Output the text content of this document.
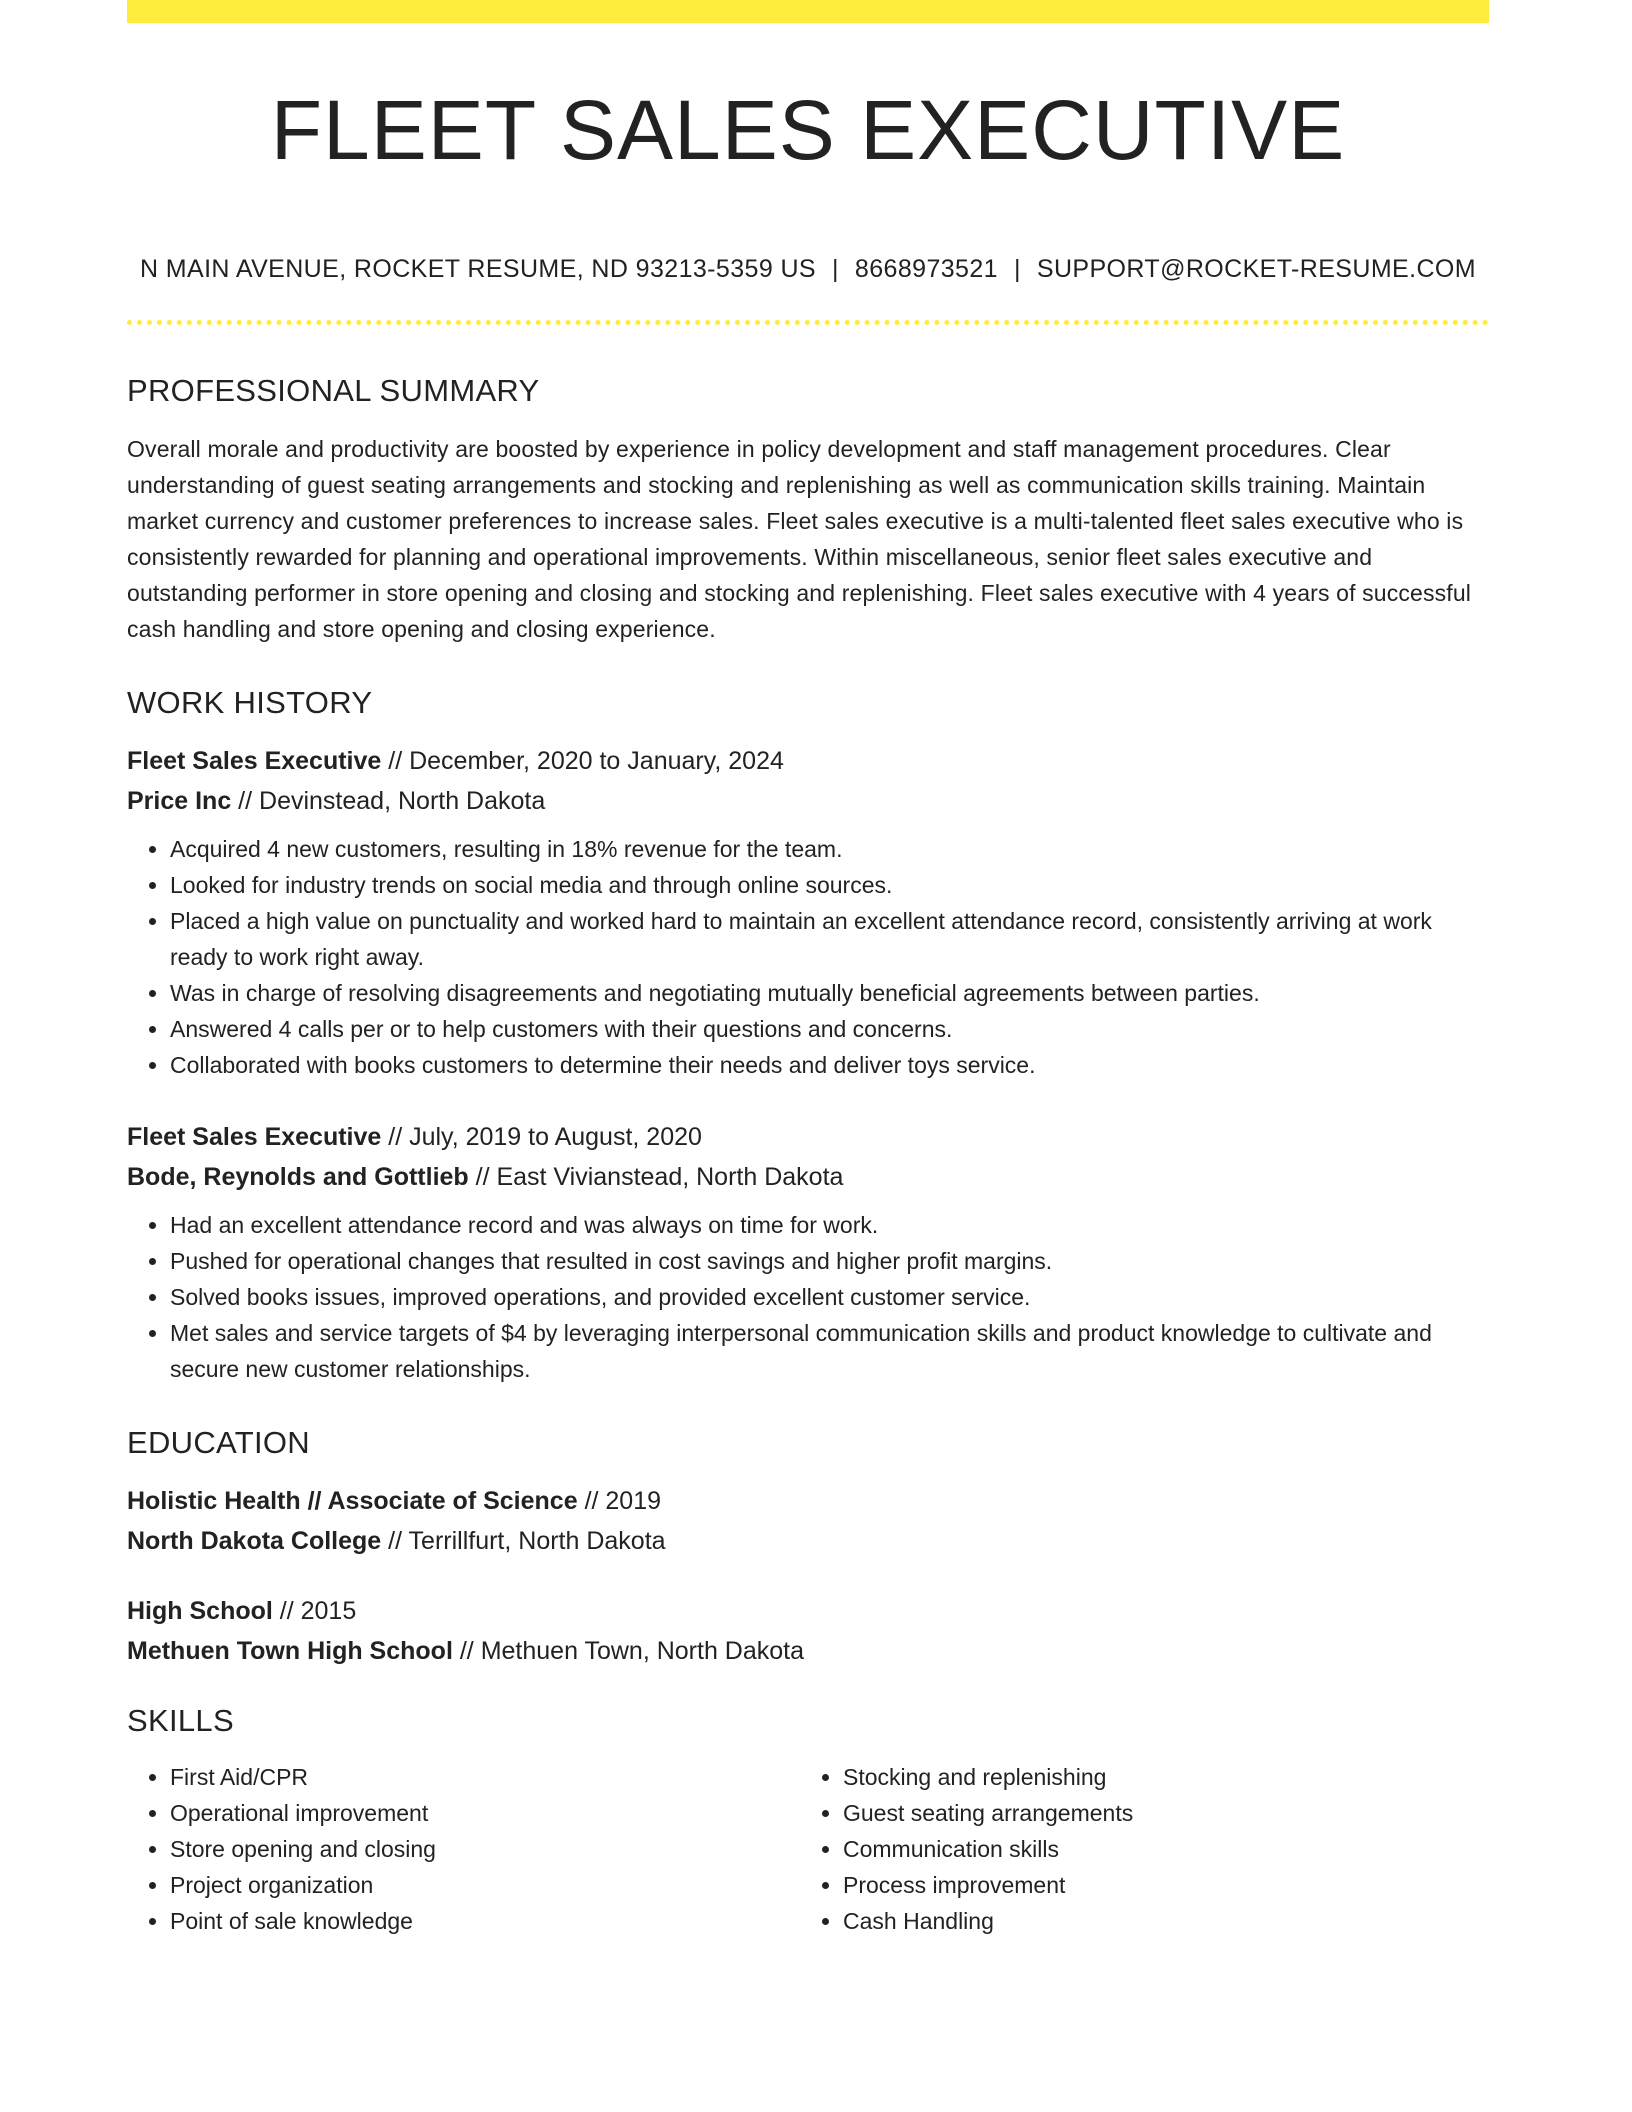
FLEET SALES EXECUTIVE
N MAIN AVENUE, ROCKET RESUME, ND 93213-5359 US | 8668973521 | SUPPORT@ROCKET-RESUME.COM
PROFESSIONAL SUMMARY
Overall morale and productivity are boosted by experience in policy development and staff management procedures. Clear understanding of guest seating arrangements and stocking and replenishing as well as communication skills training. Maintain market currency and customer preferences to increase sales. Fleet sales executive is a multi-talented fleet sales executive who is consistently rewarded for planning and operational improvements. Within miscellaneous, senior fleet sales executive and outstanding performer in store opening and closing and stocking and replenishing. Fleet sales executive with 4 years of successful cash handling and store opening and closing experience.
WORK HISTORY
Fleet Sales Executive // December, 2020 to January, 2024
Price Inc // Devinstead, North Dakota
• Acquired 4 new customers, resulting in 18% revenue for the team.
• Looked for industry trends on social media and through online sources.
• Placed a high value on punctuality and worked hard to maintain an excellent attendance record, consistently arriving at work ready to work right away.
• Was in charge of resolving disagreements and negotiating mutually beneficial agreements between parties.
• Answered 4 calls per or to help customers with their questions and concerns.
• Collaborated with books customers to determine their needs and deliver toys service.
Fleet Sales Executive // July, 2019 to August, 2020
Bode, Reynolds and Gottlieb // East Vivianstead, North Dakota
• Had an excellent attendance record and was always on time for work.
• Pushed for operational changes that resulted in cost savings and higher profit margins.
• Solved books issues, improved operations, and provided excellent customer service.
• Met sales and service targets of $4 by leveraging interpersonal communication skills and product knowledge to cultivate and secure new customer relationships.
EDUCATION
Holistic Health // Associate of Science // 2019
North Dakota College // Terrillfurt, North Dakota
High School // 2015
Methuen Town High School // Methuen Town, North Dakota
SKILLS
• First Aid/CPR
• Operational improvement
• Store opening and closing
• Project organization
• Point of sale knowledge
• Stocking and replenishing
• Guest seating arrangements
• Communication skills
• Process improvement
• Cash Handling
